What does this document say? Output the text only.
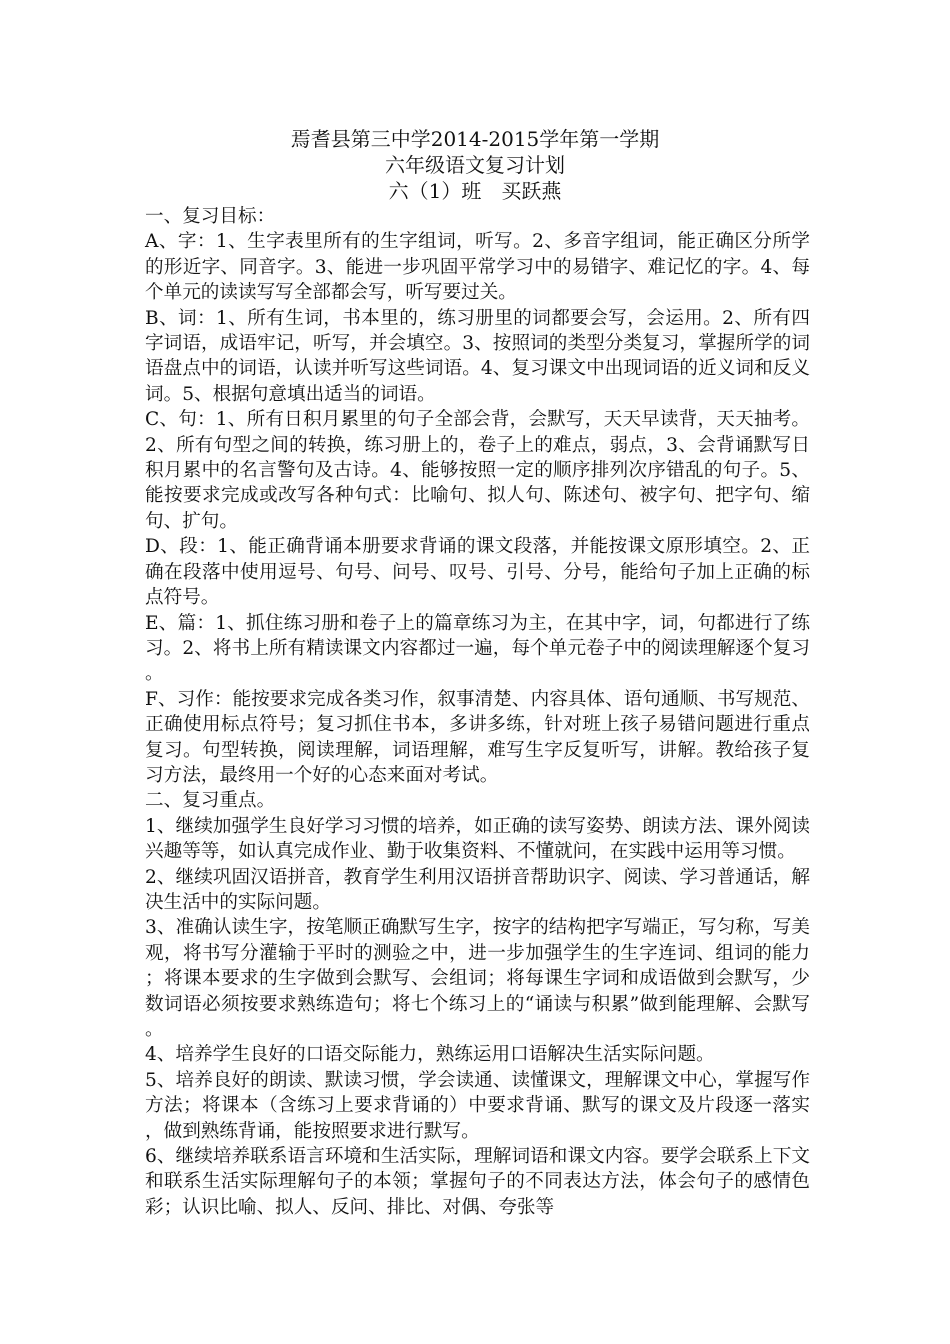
焉耆县第三中学2014-2015学年第一学期
六年级语文复习计划
六（1）班　买跃燕

一、复习目标：

A、字：1、生字表里所有的生字组词，听写。2、多音字组词，能正确区分所学的形近字、同音字。3、能进一步巩固平常学习中的易错字、难记忆的字。4、每个单元的读读写写全部都会写，听写要过关。

B、词：1、所有生词，书本里的，练习册里的词都要会写，会运用。2、所有四字词语，成语牢记，听写，并会填空。3、按照词的类型分类复习，掌握所学的词语盘点中的词语，认读并听写这些词语。4、复习课文中出现词语的近义词和反义词。5、根据句意填出适当的词语。

C、句：1、所有日积月累里的句子全部会背，会默写，天天早读背，天天抽考。2、所有句型之间的转换，练习册上的，卷子上的难点，弱点，3、会背诵默写日积月累中的名言警句及古诗。4、能够按照一定的顺序排列次序错乱的句子。5、能按要求完成或改写各种句式：比喻句、拟人句、陈述句、被字句、把字句、缩句、扩句。

D、段：1、能正确背诵本册要求背诵的课文段落，并能按课文原形填空。2、正确在段落中使用逗号、句号、问号、叹号、引号、分号，能给句子加上正确的标点符号。

E、篇：1、抓住练习册和卷子上的篇章练习为主，在其中字，词，句都进行了练习。2、将书上所有精读课文内容都过一遍，每个单元卷子中的阅读理解逐个复习。

F、习作：能按要求完成各类习作，叙事清楚、内容具体、语句通顺、书写规范、正确使用标点符号；复习抓住书本，多讲多练，针对班上孩子易错问题进行重点复习。句型转换，阅读理解，词语理解，难写生字反复听写，讲解。教给孩子复习方法，最终用一个好的心态来面对考试。

二、复习重点。

1、继续加强学生良好学习习惯的培养，如正确的读写姿势、朗读方法、课外阅读兴趣等等，如认真完成作业、勤于收集资料、不懂就问，在实践中运用等习惯。

2、继续巩固汉语拼音，教育学生利用汉语拼音帮助识字、阅读、学习普通话，解决生活中的实际问题。

3、准确认读生字，按笔顺正确默写生字，按字的结构把字写端正，写匀称，写美观，将书写分灌输于平时的测验之中，进一步加强学生的生字连词、组词的能力；将课本要求的生字做到会默写、会组词；将每课生字词和成语做到会默写，少数词语必须按要求熟练造句；将七个练习上的“诵读与积累”做到能理解、会默写。

4、培养学生良好的口语交际能力，熟练运用口语解决生活实际问题。

5、培养良好的朗读、默读习惯，学会读通、读懂课文，理解课文中心，掌握写作方法；将课本（含练习上要求背诵的）中要求背诵、默写的课文及片段逐一落实，做到熟练背诵，能按照要求进行默写。

6、继续培养联系语言环境和生活实际，理解词语和课文内容。要学会联系上下文和联系生活实际理解句子的本领；掌握句子的不同表达方法，体会句子的感情色彩；认识比喻、拟人、反问、排比、对偶、夸张等
